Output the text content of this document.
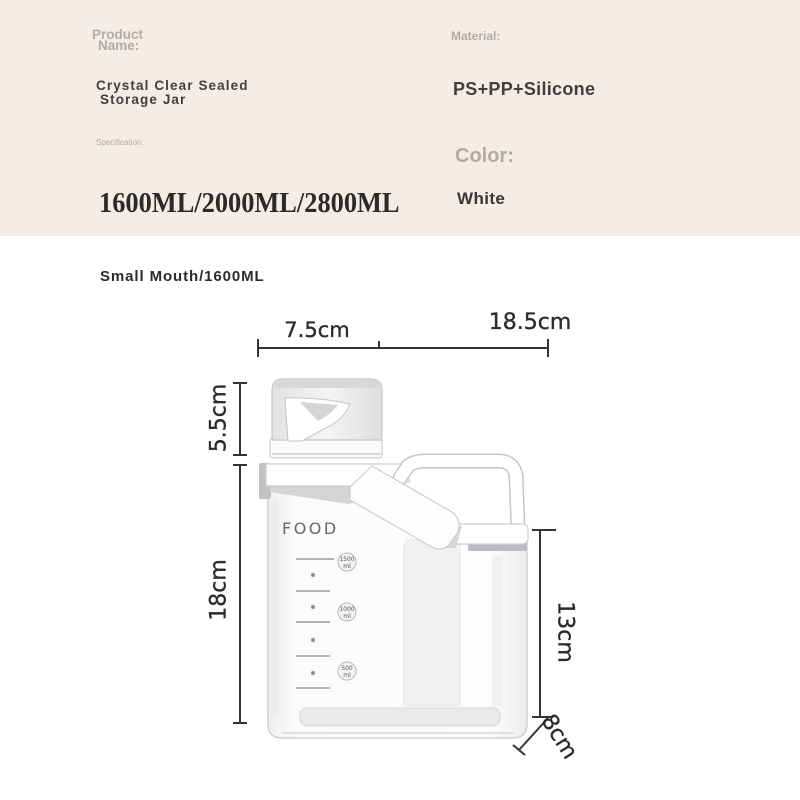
Product
Name:
Crystal Clear Sealed
Storage Jar
Specification:
1600ML/2000ML/2800ML
Material:
PS+PP+Silicone
Color:
White
Small Mouth/1600ML
1500
ml
1000
ml
500
ml
FOOD
7.5cm	18.5cm
5.5cm
18cm
13cm
8cm
